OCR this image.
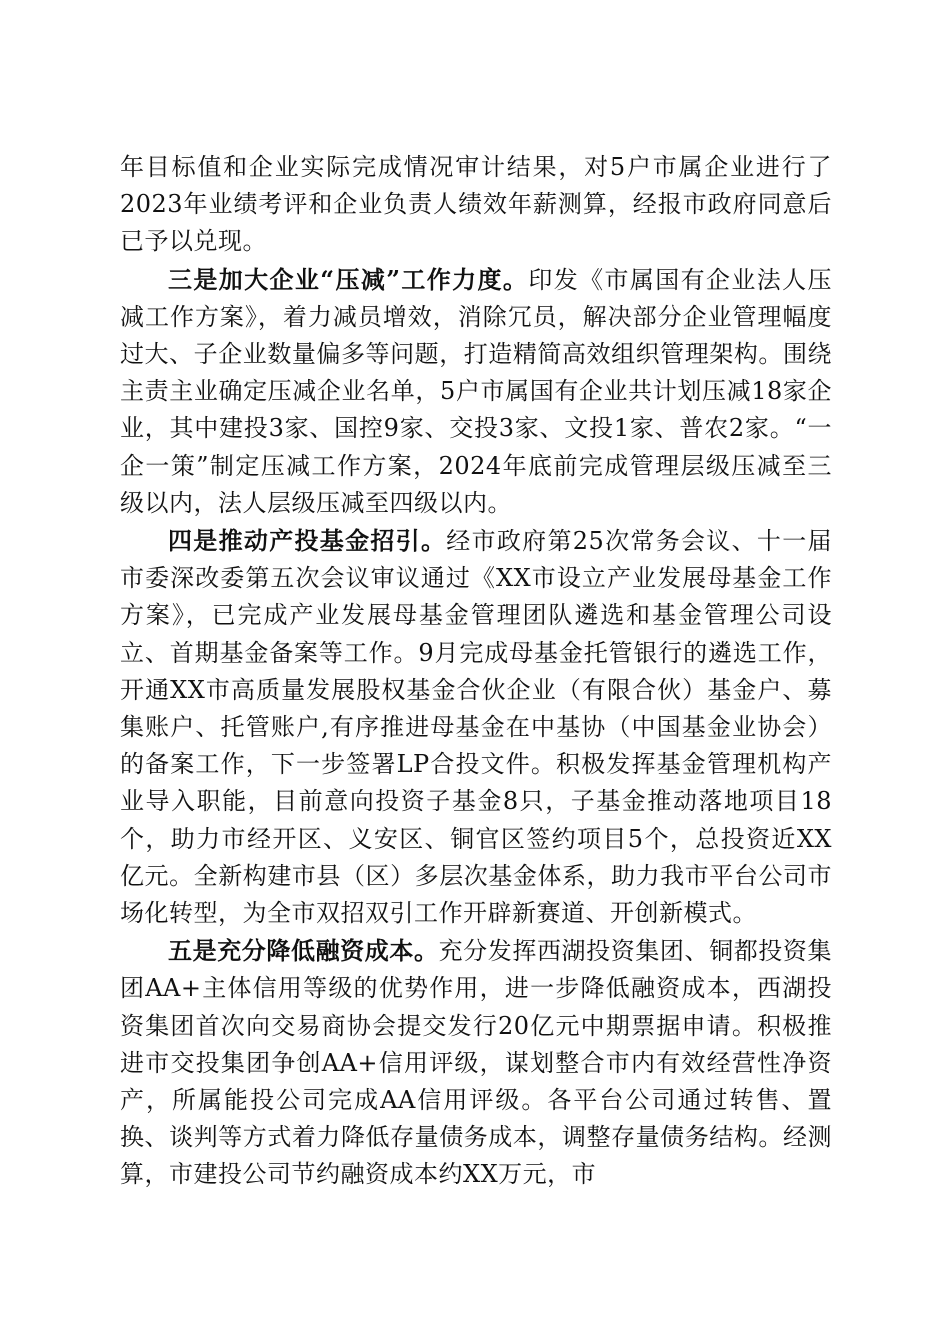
年目标值和企业实际完成情况审计结果，对5户市属企业进行了2023年业绩考评和企业负责人绩效年薪测算，经报市政府同意后已予以兑现。

三是加大企业“压减”工作力度。印发《市属国有企业法人压减工作方案》，着力减员增效，消除冗员，解决部分企业管理幅度过大、子企业数量偏多等问题，打造精简高效组织管理架构。围绕主责主业确定压减企业名单，5户市属国有企业共计划压减18家企业，其中建投3家、国控9家、交投3家、文投1家、普农2家。“一企一策”制定压减工作方案，2024年底前完成管理层级压减至三级以内，法人层级压减至四级以内。

四是推动产投基金招引。经市政府第25次常务会议、十一届市委深改委第五次会议审议通过《XX市设立产业发展母基金工作方案》，已完成产业发展母基金管理团队遴选和基金管理公司设立、首期基金备案等工作。9月完成母基金托管银行的遴选工作，开通XX市高质量发展股权基金合伙企业（有限合伙）基金户、募集账户、托管账户,有序推进母基金在中基协（中国基金业协会）的备案工作，下一步签署LP合投文件。积极发挥基金管理机构产业导入职能，目前意向投资子基金8只，子基金推动落地项目18个，助力市经开区、义安区、铜官区签约项目5个，总投资近XX亿元。全新构建市县（区）多层次基金体系，助力我市平台公司市场化转型，为全市双招双引工作开辟新赛道、开创新模式。

五是充分降低融资成本。充分发挥西湖投资集团、铜都投资集团AA+主体信用等级的优势作用，进一步降低融资成本，西湖投资集团首次向交易商协会提交发行20亿元中期票据申请。积极推进市交投集团争创AA+信用评级，谋划整合市内有效经营性净资产，所属能投公司完成AA信用评级。各平台公司通过转售、置换、谈判等方式着力降低存量债务成本，调整存量债务结构。经测算，市建投公司节约融资成本约XX万元，市
